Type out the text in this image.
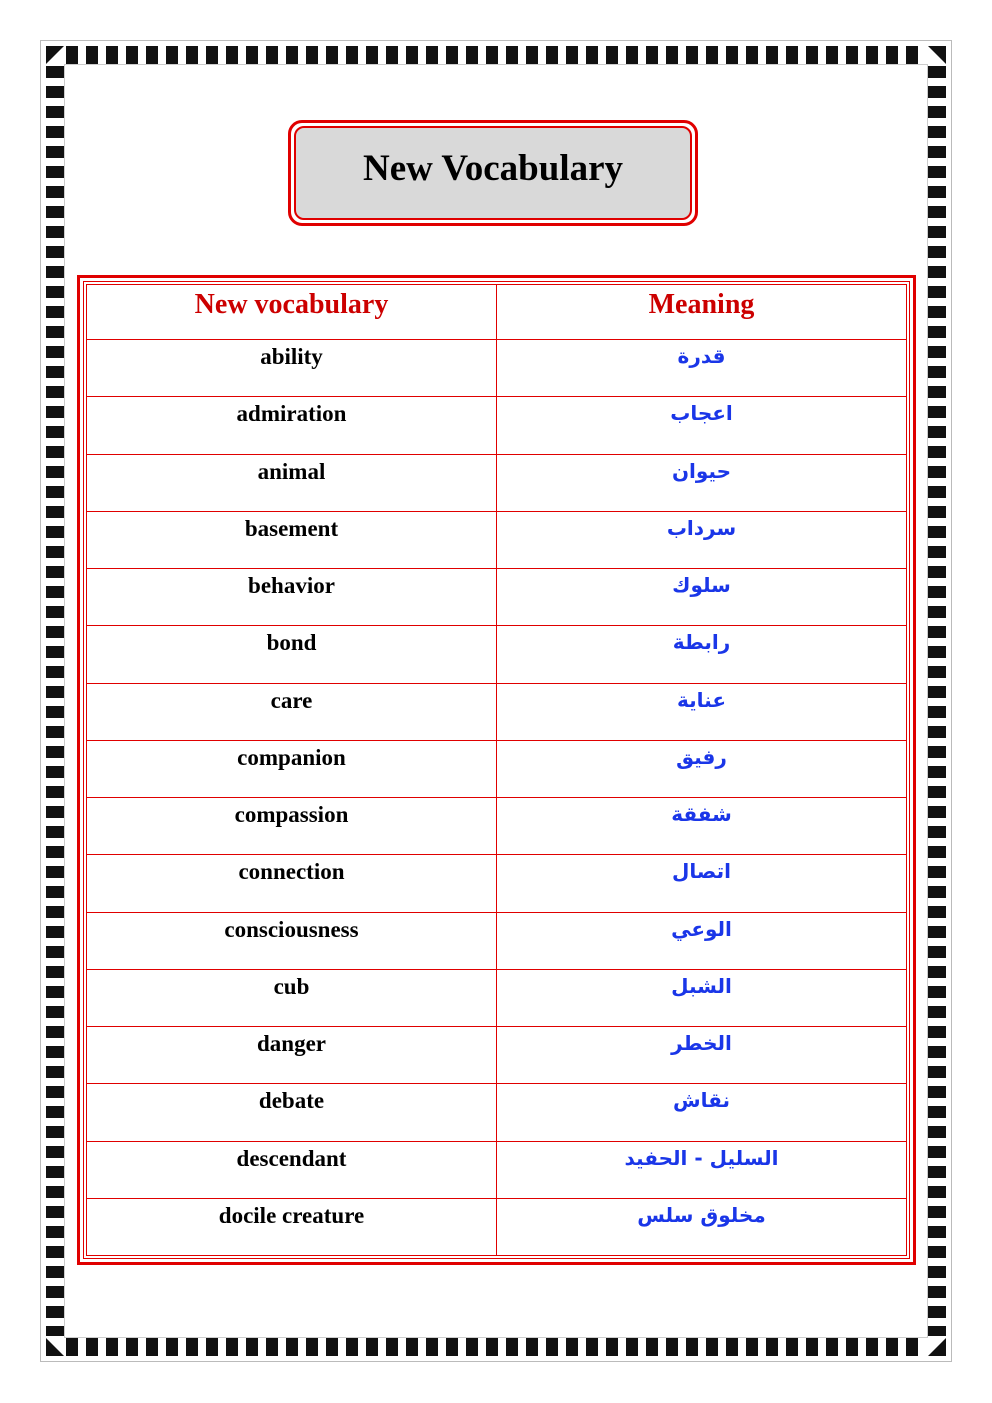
New Vocabulary
New vocabulary	Meaning
ability	قدرة
admiration	اعجاب
animal	حيوان
basement	سرداب
behavior	سلوك
bond	رابطة
care	عناية
companion	رفيق
compassion	شفقة
connection	اتصال
consciousness	الوعي
cub	الشبل
danger	الخطر
debate	نقاش
descendant	السليل - الحفيد
docile creature	مخلوق سلس
